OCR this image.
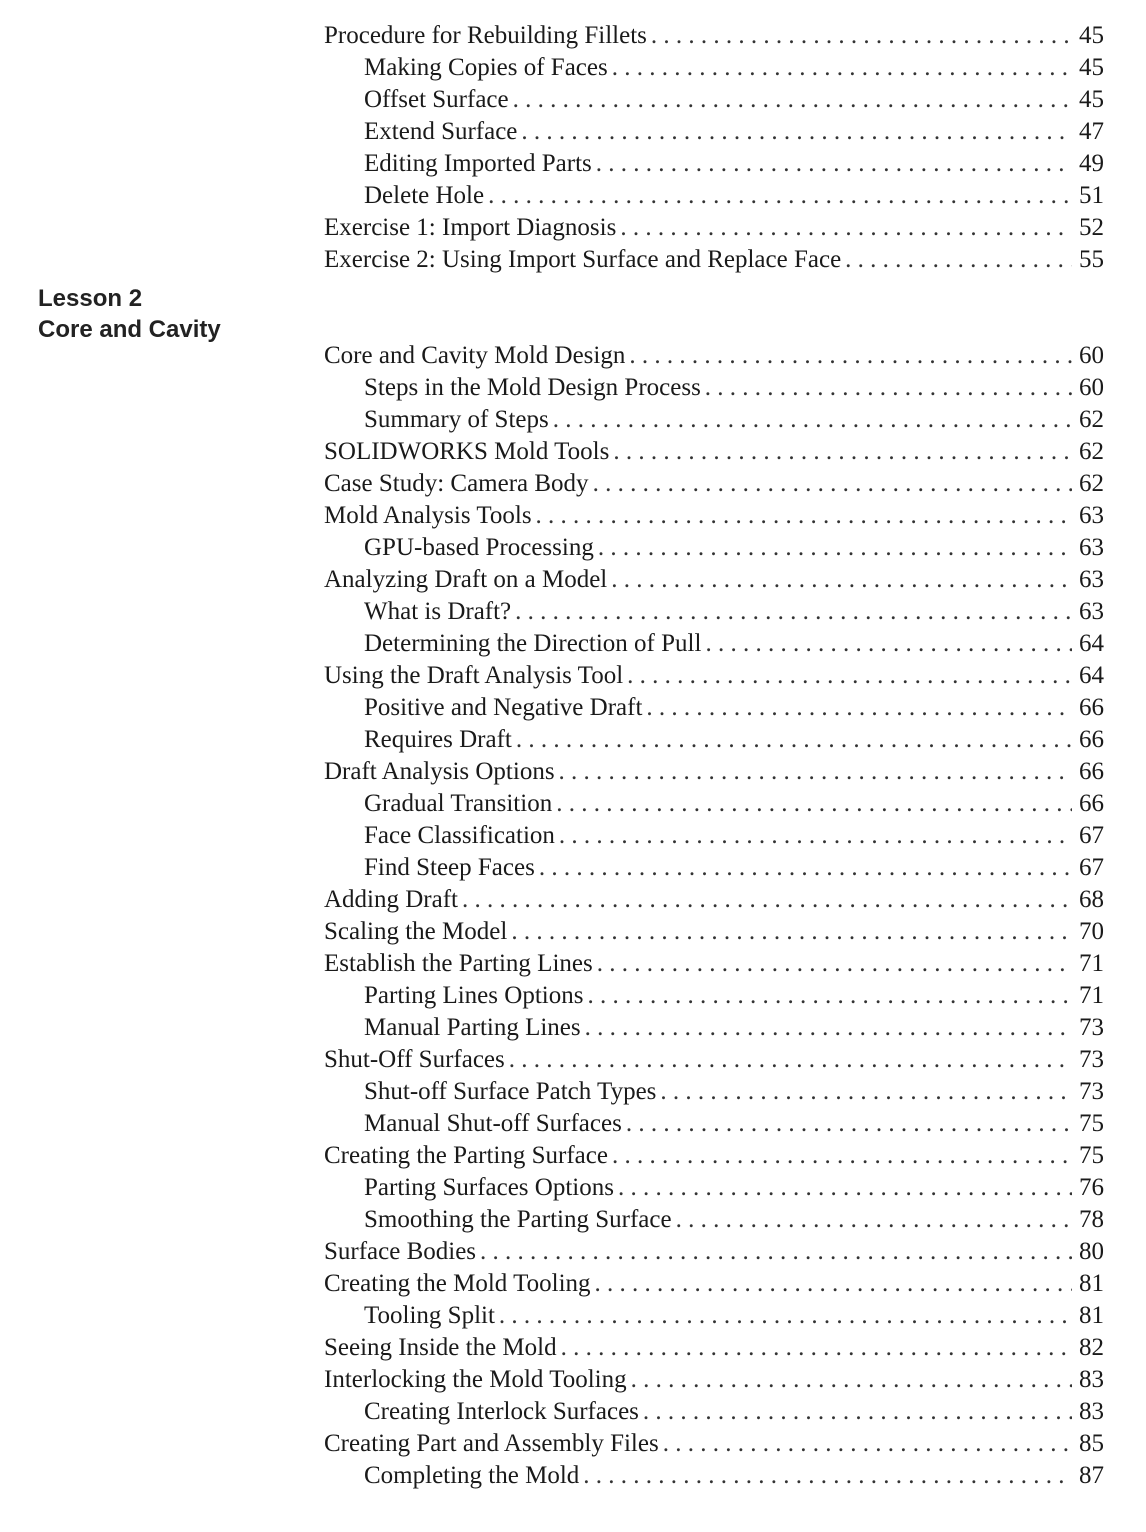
Lesson 2
Core and Cavity
Procedure for Rebuilding Fillets . . .	45
Making Copies of Faces . . .	45
Offset Surface . . .	45
Extend Surface . . .	47
Editing Imported Parts . . .	49
Delete Hole . . .	51
Exercise 1: Import Diagnosis . . .	52
Exercise 2: Using Import Surface and Replace Face . . .	55
Core and Cavity Mold Design . . .	60
Steps in the Mold Design Process . . .	60
Summary of Steps . . .	62
SOLIDWORKS Mold Tools . . .	62
Case Study: Camera Body . . .	62
Mold Analysis Tools . . .	63
GPU-based Processing . . .	63
Analyzing Draft on a Model . . .	63
What is Draft? . . .	63
Determining the Direction of Pull . . .	64
Using the Draft Analysis Tool . . .	64
Positive and Negative Draft . . .	66
Requires Draft . . .	66
Draft Analysis Options . . .	66
Gradual Transition . . .	66
Face Classification . . .	67
Find Steep Faces . . .	67
Adding Draft . . .	68
Scaling the Model . . .	70
Establish the Parting Lines . . .	71
Parting Lines Options . . .	71
Manual Parting Lines . . .	73
Shut-Off Surfaces . . .	73
Shut-off Surface Patch Types . . .	73
Manual Shut-off Surfaces . . .	75
Creating the Parting Surface . . .	75
Parting Surfaces Options . . .	76
Smoothing the Parting Surface . . .	78
Surface Bodies . . .	80
Creating the Mold Tooling . . .	81
Tooling Split . . .	81
Seeing Inside the Mold . . .	82
Interlocking the Mold Tooling . . .	83
Creating Interlock Surfaces . . .	83
Creating Part and Assembly Files . . .	85
Completing the Mold . . .	87
